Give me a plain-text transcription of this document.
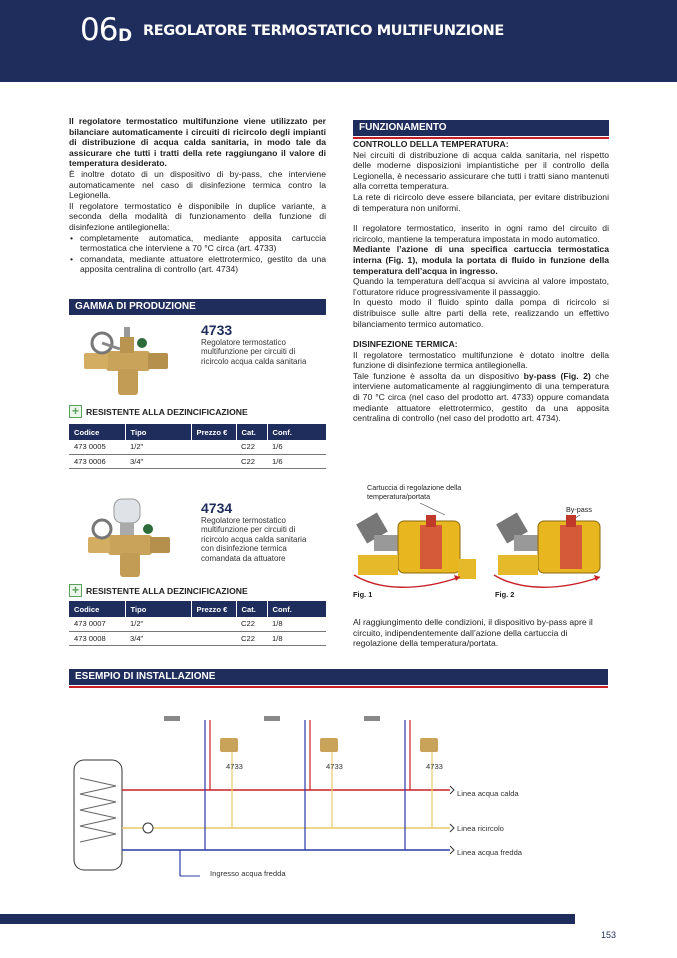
06 D REGOLATORE TERMOSTATICO MULTIFUNZIONE
Il regolatore termostatico multifunzione viene utilizzato per bilanciare automaticamente i circuiti di ricircolo degli impianti di distribuzione di acqua calda sanitaria, in modo tale da assicurare che tutti i tratti della rete raggiungano il valore di temperatura desiderato.
È inoltre dotato di un dispositivo di by-pass, che interviene automaticamente nel caso di disinfezione termica contro la Legionella.
Il regolatore termostatico è disponibile in duplice variante, a seconda della modalità di funzionamento della funzione di disinfezione antilegionella:
• completamente automatica, mediante apposita cartuccia termostatica che interviene a 70 °C circa (art. 4733)
• comandata, mediante attuatore elettrotermico, gestito da una apposita centralina di controllo (art. 4734)
GAMMA DI PRODUZIONE
4733
Regolatore termostatico multifunzione per circuiti di ricircolo acqua calda sanitaria
+ RESISTENTE ALLA DEZINCIFICAZIONE
Codice	Tipo	Prezzo €	Cat.	Conf.
473 0005	1/2"		C22	1/6
473 0006	3/4"		C22	1/6
4734
Regolatore termostatico multifunzione per circuiti di ricircolo acqua calda sanitaria con disinfezione termica comandata da attuatore
+ RESISTENTE ALLA DEZINCIFICAZIONE
Codice	Tipo	Prezzo €	Cat.	Conf.
473 0007	1/2"		C22	1/8
473 0008	3/4"		C22	1/8
FUNZIONAMENTO
CONTROLLO DELLA TEMPERATURA:
Nei circuiti di distribuzione di acqua calda sanitaria, nel rispetto delle moderne disposizioni impiantistiche per il controllo della Legionella, è necessario assicurare che tutti i tratti siano mantenuti alla corretta temperatura.
La rete di ricircolo deve essere bilanciata, per evitare distribuzioni di temperatura non uniformi.
Il regolatore termostatico, inserito in ogni ramo del circuito di ricircolo, mantiene la temperatura impostata in modo automatico.
Mediante l’azione di una specifica cartuccia termostatica interna (Fig. 1), modula la portata di fluido in funzione della temperatura dell’acqua in ingresso.
Quando la temperatura dell’acqua si avvicina al valore impostato, l’otturatore riduce progressivamente il passaggio.
In questo modo il fluido spinto dalla pompa di ricircolo si distribuisce sulle altre parti della rete, realizzando un effettivo bilanciamento termico automatico.
DISINFEZIONE TERMICA:
Il regolatore termostatico multifunzione è dotato inoltre della funzione di disinfezione termica antilegionella.
Tale funzione è assolta da un dispositivo by-pass (Fig. 2) che interviene automaticamente al raggiungimento di una temperatura di 70 °C circa (nel caso del prodotto art. 4733) oppure comandata mediante attuatore elettrotermico, gestito da una apposita centralina di controllo (nel caso del prodotto art. 4734).
Cartuccia di regolazione della temperatura/portata
By-pass
Fig. 1	Fig. 2
Al raggiungimento delle condizioni, il dispositivo by-pass apre il circuito, indipendentemente dall’azione della cartuccia di regolazione della temperatura/portata.
ESEMPIO DI INSTALLAZIONE
4733	4733	4733
Linea acqua calda
Linea ricircolo
Linea acqua fredda
Ingresso acqua fredda
TIEMME
153
